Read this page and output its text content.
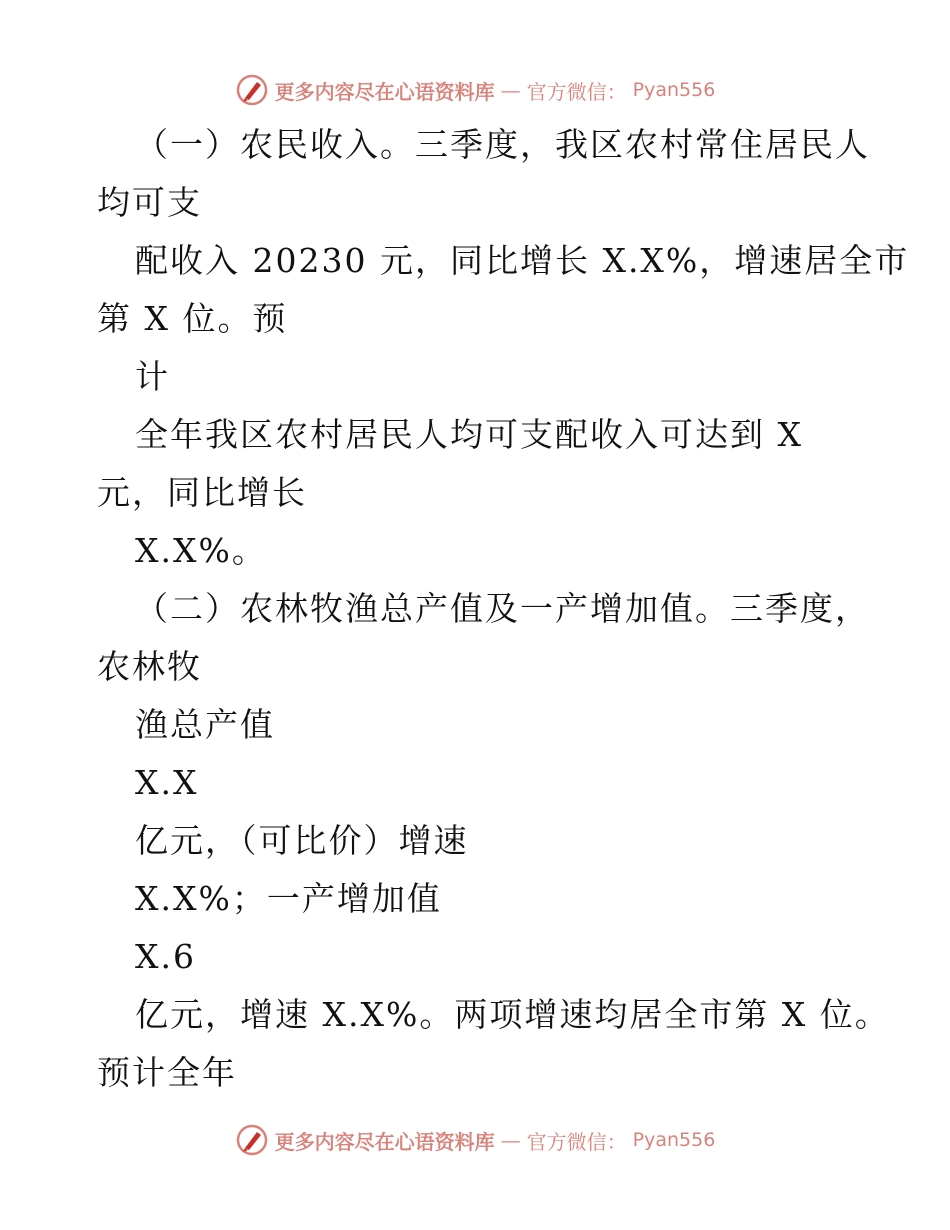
更多内容尽在心语资料库 — 官方微信： Pyan556
（一）农民收入。三季度，我区农村常住居民人
均可支
配收入 20230 元，同比增长 X.X%，增速居全市
第 X 位。预
计
全年我区农村居民人均可支配收入可达到 X
元，同比增长
X.X%。
（二）农林牧渔总产值及一产增加值。三季度，
农林牧
渔总产值
X.X
亿元，（可比价）增速
X.X%；一产增加值
X.6
亿元，增速 X.X%。两项增速均居全市第 X 位。
预计全年
更多内容尽在心语资料库 — 官方微信： Pyan556
